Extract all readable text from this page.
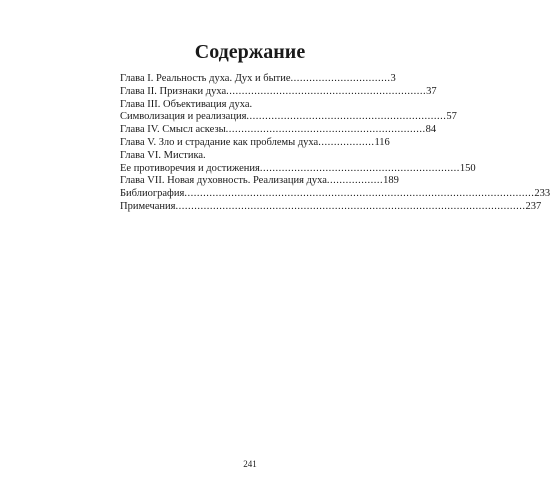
Содержание
Глава I. Реальность духа. Дух и бытие ................................ 3
Глава II. Признаки духа ................................................................ 37
Глава III. Объективация духа.
Символизация и реализация ................................................................ 57
Глава IV. Смысл аскезы ................................................................ 84
Глава V. Зло и страдание как проблемы духа .................. 116
Глава VI. Мистика.
Ее противоречия и достижения ................................................................ 150
Глава VII. Новая духовность. Реализация духа .................. 189
Библиография ................................................................................................................ 233
Примечания ................................................................................................................ 237
241
